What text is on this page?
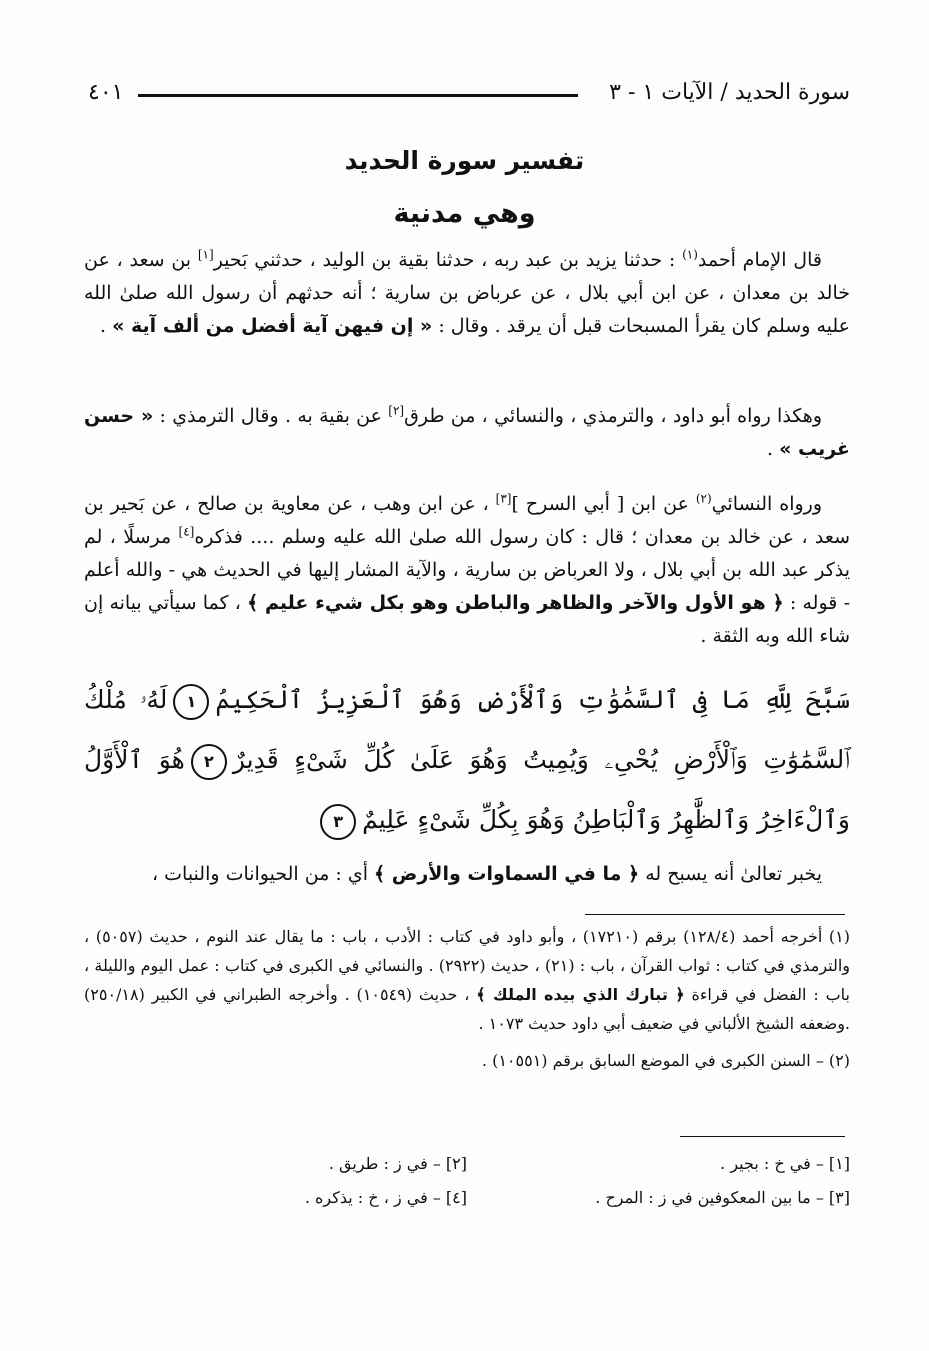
سورة الحديد / الآيات ١ - ٣
٤٠١
تفسير سورة الحديد
وهي مدنية

قال الإمام أحمد$^{(١)}$ : حدثنا يزيد بن عبد ربه ، حدثنا بقية بن الوليد ، حدثني بَحير[١] بن سعد ، عن خالد بن معدان ، عن ابن أبي بلال ، عن عرباض بن سارية ؛ أنه حدثهم أن رسول الله صلىٰ الله عليه وسلم كان يقرأ المسبحات قبل أن يرقد . وقال : « إن فيهن آية أفضل من ألف آية » .

وهكذا رواه أبو داود ، والترمذي ، والنسائي ، من طرق[٢] عن بقية به . وقال الترمذي : « حسن غريب » .

ورواه النسائي$^{(٢)}$ عن ابن [ أبي السرح ][٣] ، عن ابن وهب ، عن معاوية بن صالح ، عن بَحير بن سعد ، عن خالد بن معدان ؛ قال : كان رسول الله صلىٰ الله عليه وسلم .... فذكره[٤] مرسلًا ، لم يذكر عبد الله بن أبي بلال ، ولا العرباض بن سارية ، والآية المشار إليها في الحديث هي - والله أعلم - قوله : ﴿ هو الأول والآخر والظاهر والباطن وهو بكل شيء عليم ﴾ ، كما سيأتي بيانه إن شاء الله وبه الثقة .

سَبَّحَ لِلَّهِ مَا فِى ٱلسَّمَٰوَٰتِ وَٱلْأَرْضِ وَهُوَ ٱلْعَزِيزُ ٱلْحَكِيمُ١لَهُۥ مُلْكُ ٱلسَّمَٰوَٰتِ وَٱلْأَرْضِ يُحْىِۦ وَيُمِيتُ وَهُوَ عَلَىٰ كُلِّ شَىْءٍ قَدِيرٌ٢هُوَ ٱلْأَوَّلُ وَٱلْءَاخِرُ وَٱلظَّٰهِرُ وَٱلْبَاطِنُ وَهُوَ بِكُلِّ شَىْءٍ عَلِيمٌ٣

يخبر تعالىٰ أنه يسبح له ﴿ ما في السماوات والأرض ﴾ أي : من الحيوانات والنبات ،

(١) أخرجه أحمد (١٢٨/٤) برقم (١٧٢١٠) ، وأبو داود في كتاب : الأدب ، باب : ما يقال عند النوم ، حديث (٥٠٥٧) ، والترمذي في كتاب : ثواب القرآن ، باب : (٢١) ، حديث (٢٩٢٢) . والنسائي في الكبرى في كتاب : عمل اليوم والليلة ، باب : الفضل في قراءة ﴿ تبارك الذي بيده الملك ﴾ ، حديث (١٠٥٤٩) . وأخرجه الطبراني في الكبير (٢٥٠/١٨) .وضعفه الشيخ الألباني في ضعيف أبي داود حديث ١٠٧٣ .

(٢) – السنن الكبرى في الموضع السابق برقم (١٠٥٥١) .

[١] – في خ : بجير .
[٢] – في ز : طريق .
[٣] – ما بين المعكوفين في ز : المرح .
[٤] – في ز ، خ : يذكره .
